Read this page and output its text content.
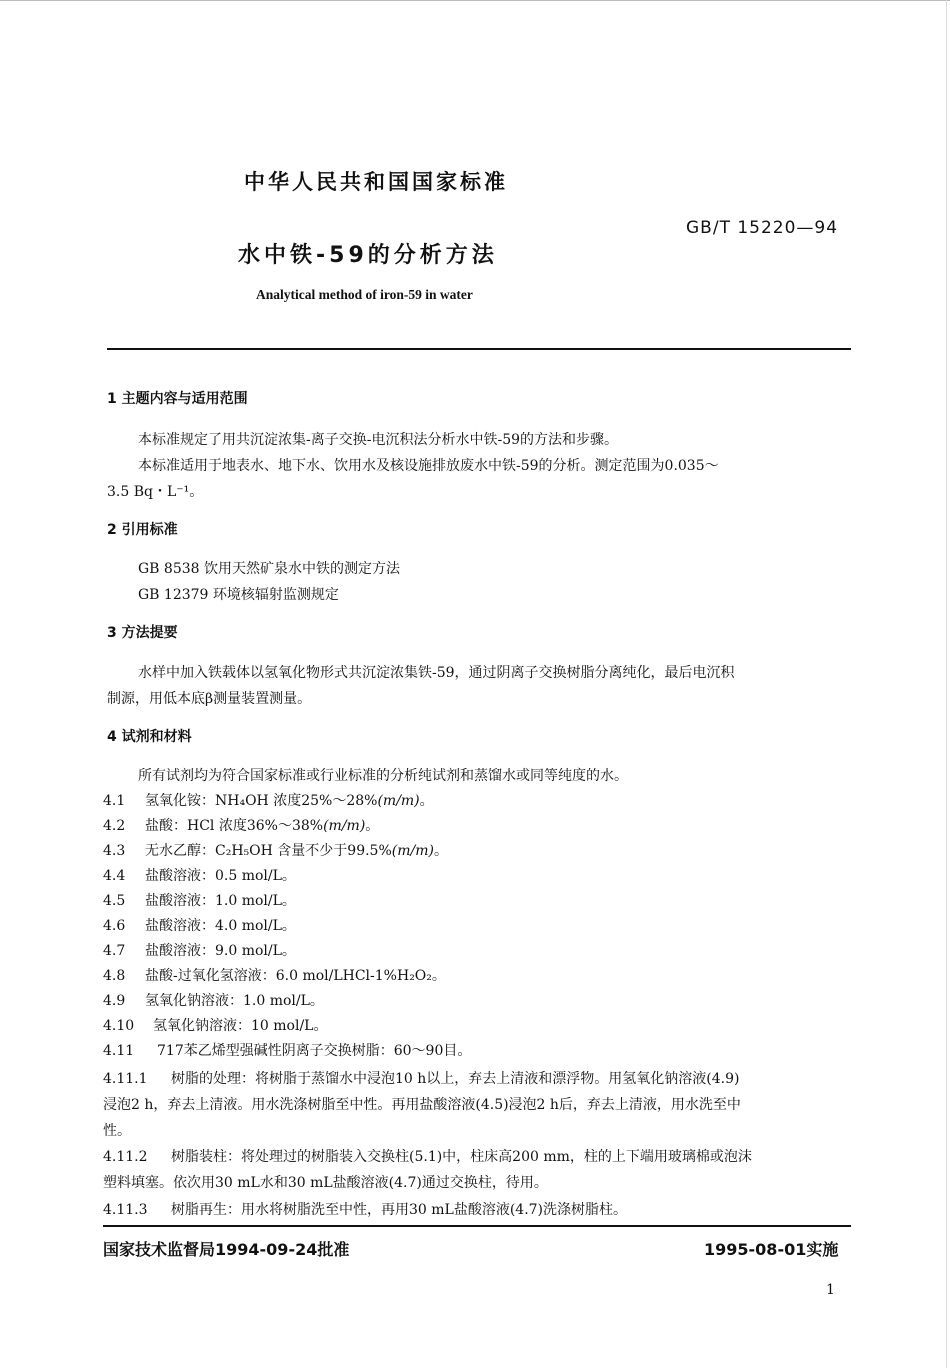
中华人民共和国国家标准
GB/T 15220—94
水中铁-59的分析方法
Analytical method of iron-59 in water
1 主题内容与适用范围
本标准规定了用共沉淀浓集-离子交换-电沉积法分析水中铁-59的方法和步骤。
本标准适用于地表水、地下水、饮用水及核设施排放废水中铁-59的分析。测定范围为0.035～
3.5 Bq・L⁻¹。
2 引用标准
GB 8538 饮用天然矿泉水中铁的测定方法
GB 12379 环境核辐射监测规定
3 方法提要
水样中加入铁载体以氢氧化物形式共沉淀浓集铁-59，通过阴离子交换树脂分离纯化，最后电沉积
制源，用低本底β测量装置测量。
4 试剂和材料
所有试剂均为符合国家标准或行业标准的分析纯试剂和蒸馏水或同等纯度的水。
4.1 氢氧化铵：NH₄OH 浓度25%～28%(m/m)。
4.2 盐酸：HCl 浓度36%～38%(m/m)。
4.3 无水乙醇：C₂H₅OH 含量不少于99.5%(m/m)。
4.4 盐酸溶液：0.5 mol/L。
4.5 盐酸溶液：1.0 mol/L。
4.6 盐酸溶液：4.0 mol/L。
4.7 盐酸溶液：9.0 mol/L。
4.8 盐酸-过氧化氢溶液：6.0 mol/LHCl-1%H₂O₂。
4.9 氢氧化钠溶液：1.0 mol/L。
4.10 氢氧化钠溶液：10 mol/L。
4.11 717苯乙烯型强碱性阴离子交换树脂：60～90目。
4.11.1 树脂的处理：将树脂于蒸馏水中浸泡10 h以上，弃去上清液和漂浮物。用氢氧化钠溶液(4.9)
浸泡2 h，弃去上清液。用水洗涤树脂至中性。再用盐酸溶液(4.5)浸泡2 h后，弃去上清液，用水洗至中
性。
4.11.2 树脂装柱：将处理过的树脂装入交换柱(5.1)中，柱床高200 mm，柱的上下端用玻璃棉或泡沫
塑料填塞。依次用30 mL水和30 mL盐酸溶液(4.7)通过交换柱，待用。
4.11.3 树脂再生：用水将树脂洗至中性，再用30 mL盐酸溶液(4.7)洗涤树脂柱。
国家技术监督局1994-09-24批准	1995-08-01实施
1
